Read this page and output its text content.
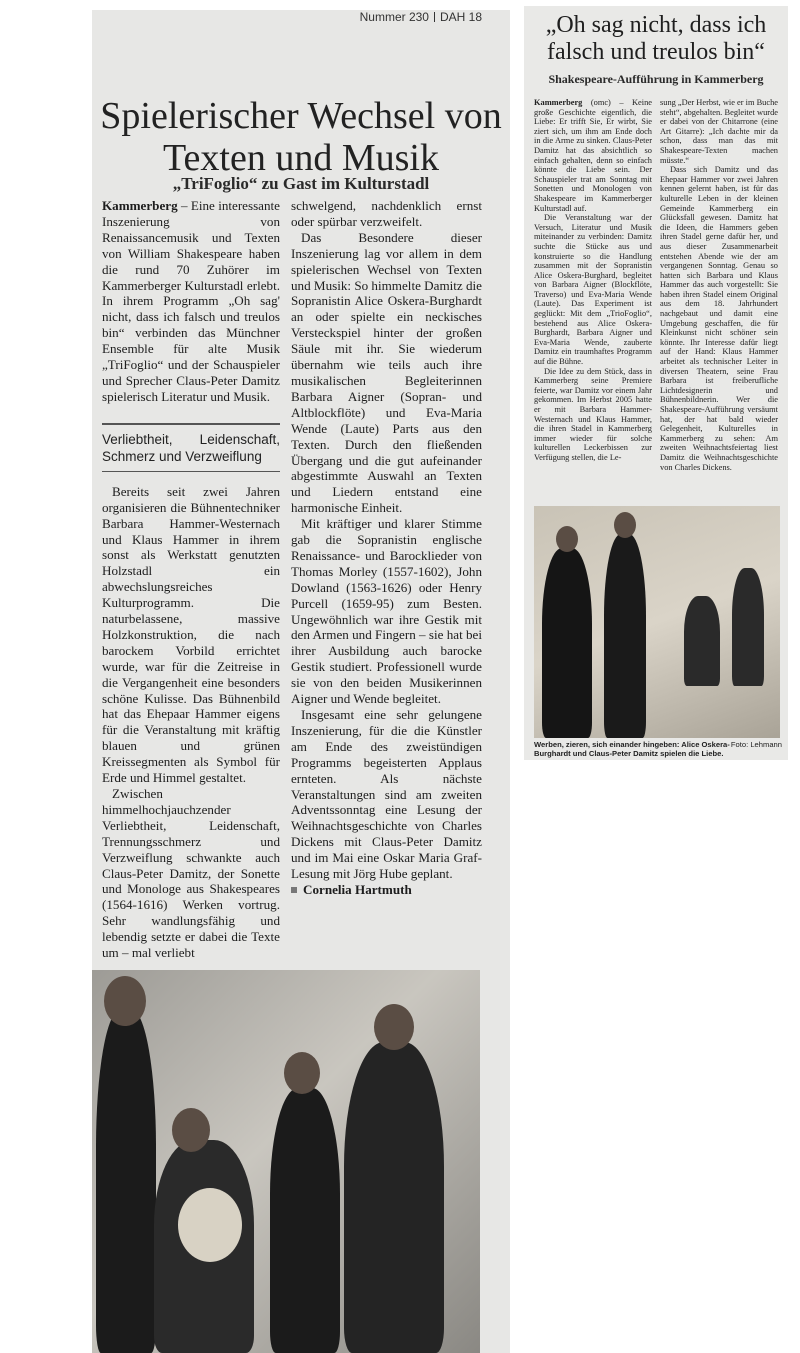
Nummer 230 DAH 18
Spielerischer Wechsel von Texten und Musik
„TriFoglio“ zu Gast im Kulturstadl

Kammerberg – Eine interessante Inszenierung von Renaissancemusik und Texten von William Shakespeare haben die rund 70 Zuhörer im Kammerberger Kulturstadl erlebt. In ihrem Programm „Oh sag' nicht, dass ich falsch und treulos bin“ verbinden das Münchner Ensemble für alte Musik „TriFoglio“ und der Schauspieler und Sprecher Claus-Peter Damitz spielerisch Literatur und Musik.

Verliebtheit, Leidenschaft, Schmerz und Verzweiflung

Bereits seit zwei Jahren organisieren die Bühnentechniker Barbara Hammer-Westernach und Klaus Hammer in ihrem sonst als Werkstatt genutzten Holzstadl ein abwechslungsreiches Kulturprogramm. Die naturbelassene, massive Holzkonstruktion, die nach barockem Vorbild errichtet wurde, war für die Zeitreise in die Vergangenheit eine besonders schöne Kulisse. Das Bühnenbild hat das Ehepaar Hammer eigens für die Veranstaltung mit kräftig blauen und grünen Kreissegmenten als Symbol für Erde und Himmel gestaltet.

Zwischen himmelhochjauchzender Verliebtheit, Leidenschaft, Trennungsschmerz und Verzweiflung schwankte auch Claus-Peter Damitz, der Sonette und Monologe aus Shakespeares (1564-1616) Werken vortrug. Sehr wandlungsfähig und lebendig setzte er dabei die Texte um – mal verliebt

schwelgend, nachdenklich ernst oder spürbar verzweifelt.

Das Besondere dieser Inszenierung lag vor allem in dem spielerischen Wechsel von Texten und Musik: So himmelte Damitz die Sopranistin Alice Oskera-Burghardt an oder spielte ein neckisches Versteckspiel hinter der großen Säule mit ihr. Sie wiederum übernahm wie teils auch ihre musikalischen Begleiterinnen Barbara Aigner (Sopran- und Altblockflöte) und Eva-Maria Wende (Laute) Parts aus den Texten. Durch den fließenden Übergang und die gut aufeinander abgestimmte Auswahl an Texten und Liedern entstand eine harmonische Einheit.

Mit kräftiger und klarer Stimme gab die Sopranistin englische Renaissance- und Barocklieder von Thomas Morley (1557-1602), John Dowland (1563-1626) oder Henry Purcell (1659-95) zum Besten. Ungewöhnlich war ihre Gestik mit den Armen und Fingern – sie hat bei ihrer Ausbildung auch barocke Gestik studiert. Professionell wurde sie von den beiden Musikerinnen Aigner und Wende begleitet.

Insgesamt eine sehr gelungene Inszenierung, für die die Künstler am Ende des zweistündigen Programms begeisterten Applaus ernteten. Als nächste Veranstaltungen sind am zweiten Adventssonntag eine Lesung der Weihnachtsgeschichte von Charles Dickens mit Claus-Peter Damitz und im Mai eine Oskar Maria Graf-Lesung mit Jörg Hube geplant.

Cornelia Hartmuth

„Oh sag nicht, dass ich falsch und treulos bin“
Shakespeare-Aufführung in Kammerberg

Kammerberg (omc) – Keine große Geschichte eigentlich, die Liebe: Er trifft Sie, Er wirbt, Sie ziert sich, um ihm am Ende doch in die Arme zu sinken. Claus-Peter Damitz hat das absichtlich so einfach gehalten, denn so einfach könnte die Liebe sein. Der Schauspieler trat am Sonntag mit Sonetten und Monologen von Shakespeare im Kammerberger Kulturstadl auf.

Die Veranstaltung war der Versuch, Literatur und Musik miteinander zu verbinden: Damitz suchte die Stücke aus und konstruierte so die Handlung zusammen mit der Sopranistin Alice Oskera-Burghard, begleitet von Barbara Aigner (Blockflöte, Traverso) und Eva-Maria Wende (Laute). Das Experiment ist geglückt: Mit dem „TrioFoglio“, bestehend aus Alice Oskera-Burghardt, Barbara Aigner und Eva-Maria Wende, zauberte Damitz ein traumhaftes Programm auf die Bühne.

Die Idee zu dem Stück, dass in Kammerberg seine Premiere feierte, war Damitz vor einem Jahr gekommen. Im Herbst 2005 hatte er mit Barbara Hammer-Westernach und Klaus Hammer, die ihren Stadel in Kammerberg immer wieder für solche kulturellen Leckerbissen zur Verfügung stellen, die Le-

sung „Der Herbst, wie er im Buche steht“, abgehalten. Begleitet wurde er dabei von der Chitarrone (eine Art Gitarre): „Ich dachte mir da schon, dass man das mit Shakespeare-Texten machen müsste.“

Dass sich Damitz und das Ehepaar Hammer vor zwei Jahren kennen gelernt haben, ist für das kulturelle Leben in der kleinen Gemeinde Kammerberg ein Glücksfall gewesen. Damitz hat die Ideen, die Hammers geben ihren Stadel gerne dafür her, und aus dieser Zusammenarbeit entstehen Abende wie der am vergangenen Sonntag. Genau so hatten sich Barbara und Klaus Hammer das auch vorgestellt: Sie haben ihren Stadel einem Original aus dem 18. Jahrhundert nachgebaut und damit eine Umgebung geschaffen, die für Kleinkunst nicht schöner sein könnte. Ihr Interesse dafür liegt auf der Hand: Klaus Hammer arbeitet als technischer Leiter in diversen Theatern, seine Frau Barbara ist freiberufliche Lichtdesignerin und Bühnenbildnerin. Wer die Shakespeare-Aufführung versäumt hat, der hat bald wieder Gelegenheit, Kulturelles in Kammerberg zu sehen: Am zweiten Weihnachtsfeiertag liest Damitz die Weihnachtsgeschichte von Charles Dickens.

Foto: Lehmann
Werben, zieren, sich einander hingeben: Alice Oskera-Burghardt und Claus-Peter Damitz spielen die Liebe.
